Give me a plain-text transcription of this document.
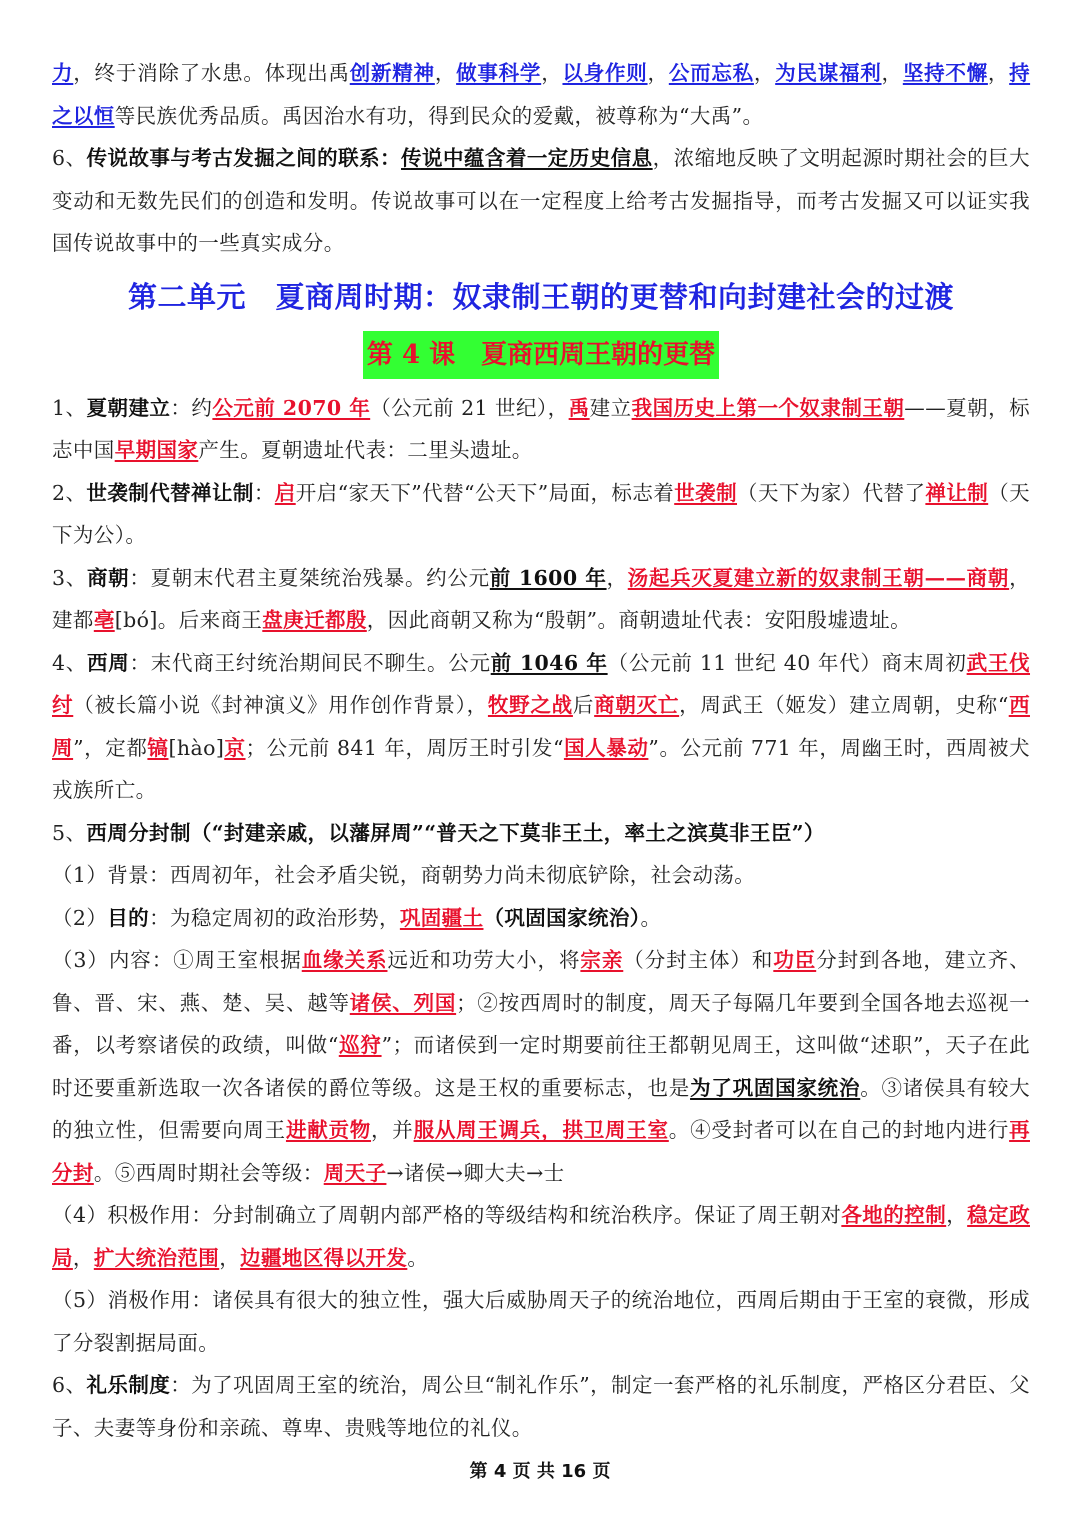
力，终于消除了水患。体现出禹创新精神，做事科学，以身作则，公而忘私，为民谋福利，坚持不懈，持之以恒等民族优秀品质。禹因治水有功，得到民众的爱戴，被尊称为“大禹”。

6、传说故事与考古发掘之间的联系：传说中蕴含着一定历史信息，浓缩地反映了文明起源时期社会的巨大变动和无数先民们的创造和发明。传说故事可以在一定程度上给考古发掘指导，而考古发掘又可以证实我国传说故事中的一些真实成分。

第二单元　夏商周时期：奴隶制王朝的更替和向封建社会的过渡
第 4 课　夏商西周王朝的更替

1、夏朝建立：约公元前 2070 年（公元前 21 世纪），禹建立我国历史上第一个奴隶制王朝——夏朝，标志中国早期国家产生。夏朝遗址代表：二里头遗址。

2、世袭制代替禅让制：启开启“家天下”代替“公天下”局面，标志着世袭制（天下为家）代替了禅让制（天下为公）。

3、商朝：夏朝末代君主夏桀统治残暴。约公元前 1600 年，汤起兵灭夏建立新的奴隶制王朝——商朝，建都亳[bó]。后来商王盘庚迁都殷，因此商朝又称为“殷朝”。商朝遗址代表：安阳殷墟遗址。

4、西周：末代商王纣统治期间民不聊生。公元前 1046 年（公元前 11 世纪 40 年代）商末周初武王伐纣（被长篇小说《封神演义》用作创作背景），牧野之战后商朝灭亡，周武王（姬发）建立周朝，史称“西周”，定都镐[hào]京；公元前 841 年，周厉王时引发“国人暴动”。公元前 771 年，周幽王时，西周被犬戎族所亡。

5、西周分封制（“封建亲戚，以藩屏周”“普天之下莫非王土，率土之滨莫非王臣”）

（1）背景：西周初年，社会矛盾尖锐，商朝势力尚未彻底铲除，社会动荡。

（2）目的：为稳定周初的政治形势，巩固疆土（巩固国家统治）。

（3）内容：①周王室根据血缘关系远近和功劳大小，将宗亲（分封主体）和功臣分封到各地，建立齐、鲁、晋、宋、燕、楚、吴、越等诸侯、列国；②按西周时的制度，周天子每隔几年要到全国各地去巡视一番，以考察诸侯的政绩，叫做“巡狩”；而诸侯到一定时期要前往王都朝见周王，这叫做“述职”，天子在此时还要重新选取一次各诸侯的爵位等级。这是王权的重要标志，也是为了巩固国家统治。③诸侯具有较大的独立性，但需要向周王进献贡物，并服从周王调兵，拱卫周王室。④受封者可以在自己的封地内进行再分封。⑤西周时期社会等级：周天子→诸侯→卿大夫→士

（4）积极作用：分封制确立了周朝内部严格的等级结构和统治秩序。保证了周王朝对各地的控制，稳定政局，扩大统治范围，边疆地区得以开发。

（5）消极作用：诸侯具有很大的独立性，强大后威胁周天子的统治地位，西周后期由于王室的衰微，形成了分裂割据局面。

6、礼乐制度：为了巩固周王室的统治，周公旦“制礼作乐”，制定一套严格的礼乐制度，严格区分君臣、父子、夫妻等身份和亲疏、尊卑、贵贱等地位的礼仪。

第 4 页 共 16 页
